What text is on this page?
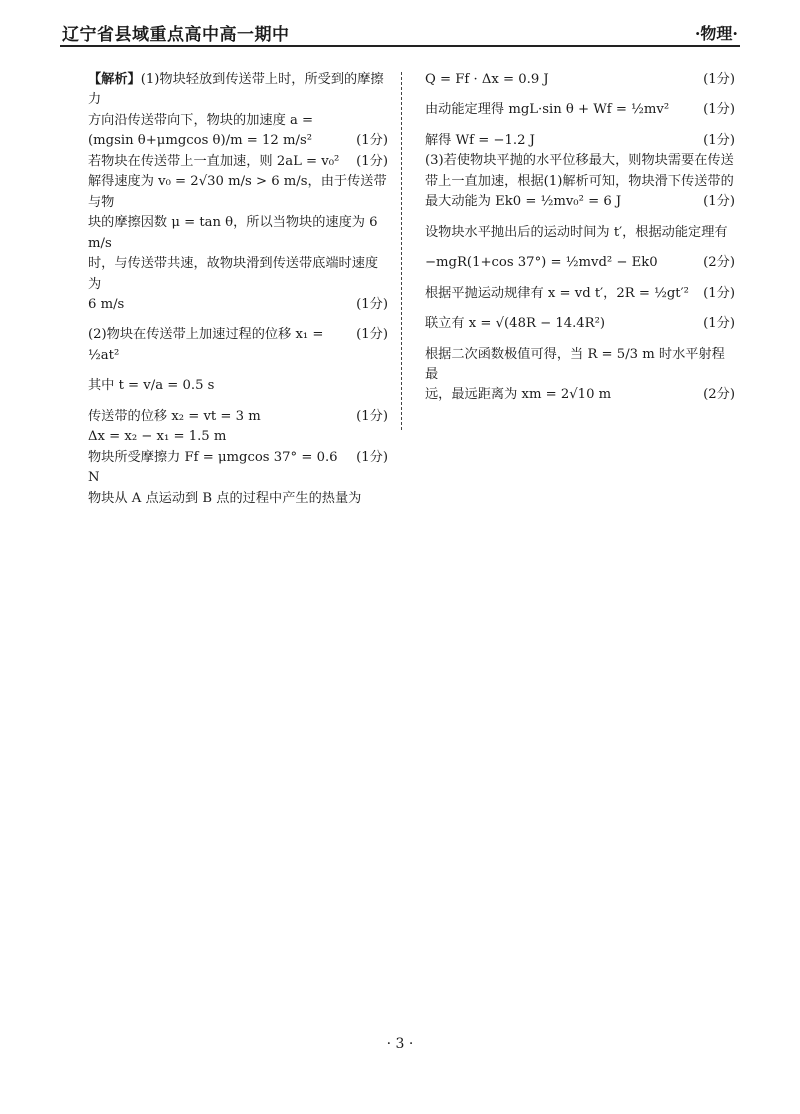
辽宁省县域重点高中高一期中	·物理·

【解析】(1)物块轻放到传送带上时，所受到的摩擦力
方向沿传送带向下，物块的加速度 a =

(mgsin θ+μmgcos θ)/m = 12 m/s²	(1分)
若物块在传送带上一直加速，则 2aL = v₀² (1分)

解得速度为 v₀ = 2√30 m/s > 6 m/s，由于传送带与物
块的摩擦因数 μ = tan θ，所以当物块的速度为 6 m/s
时，与传送带共速，故物块滑到传送带底端时速度为

6 m/s	(1分)
(2)物块在传送带上加速过程的位移 x₁ = ½at²
(1分)
其中 t = v/a = 0.5 s
传送带的位移 x₂ = vt = 3 m	(1分)
Δx = x₂ − x₁ = 1.5 m
物块所受摩擦力 Ff = μmgcos 37° = 0.6 N
(1分)
物块从 A 点运动到 B 点的过程中产生的热量为
Q = Ff · Δx = 0.9 J	(1分)
由动能定理得 mgL·sin θ + Wf = ½mv²	(1分)
解得 Wf = −1.2 J	(1分)

(3)若使物块平抛的水平位移最大，则物块需要在传送
带上一直加速，根据(1)解析可知，物块滑下传送带的

最大动能为 Ek0 = ½mv₀² = 6 J	(1分)
设物块水平抛出后的运动时间为 t′，根据动能定理有
−mgR(1+cos 37°) = ½mvd² − Ek0	(2分)
根据平抛运动规律有 x = vd t′，2R = ½gt′² (1分)
联立有 x = √(48R − 14.4R²)	(1分)

根据二次函数极值可得，当 R = 5/3 m 时水平射程最

远，最远距离为 xm = 2√10 m	(2分)
· 3 ·
